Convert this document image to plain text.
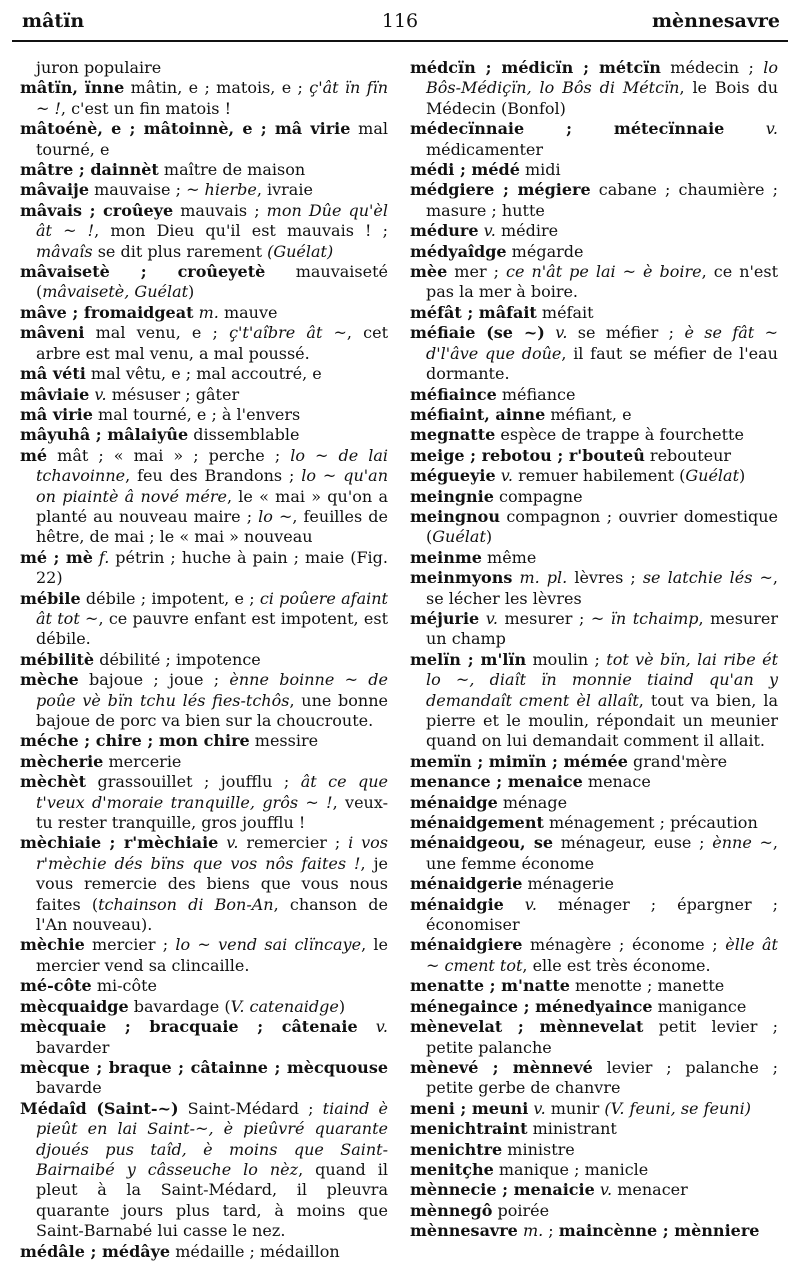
mâtïn	116	mènnesavre

juron populaire

mâtïn, ïnne mâtin, e ; matois, e ; ç'ât ïn fïn ~ !, c'est un fin matois !

mâtoénè, e ; mâtoinnè, e ; mâ virie mal tourné, e

mâtre ; dainnèt maître de maison

mâvaije mauvaise ; ~ hierbe, ivraie

mâvais ; croûeye mauvais ; mon Dûe qu'èl ât ~ !, mon Dieu qu'il est mauvais ! ; mâvaîs se dit plus rarement (Guélat)

mâvaisetè ; croûeyetè mauvaiseté (mâvaisetè, Guélat)

mâve ; fromaidgeat m. mauve

mâveni mal venu, e ; ç't'aîbre ât ~, cet arbre est mal venu, a mal poussé.

mâ véti mal vêtu, e ; mal accoutré, e

mâviaie v. mésuser ; gâter

mâ virie mal tourné, e ; à l'envers

mâyuhâ ; mâlaiyûe dissemblable

mé mât ; « mai » ; perche ; lo ~ de lai tchavoinne, feu des Brandons ; lo ~ qu'an on piaintè â nové mére, le « mai » qu'on a planté au nouveau maire ; lo ~, feuilles de hêtre, de mai ; le « mai » nouveau

mé ; mè f. pétrin ; huche à pain ; maie (Fig. 22)

mébile débile ; impotent, e ; ci poûere afaint ât tot ~, ce pauvre enfant est impotent, est débile.

mébilitè débilité ; impotence

mèche bajoue ; joue ; ènne boinne ~ de poûe vè bïn tchu lés fies-tchôs, une bonne bajoue de porc va bien sur la choucroute.

méche ; chire ; mon chire messire

mècherie mercerie

mèchèt grassouillet ; joufflu ; ât ce que t'veux d'moraie tranquille, grôs ~ !, veux-tu rester tranquille, gros joufflu !

mèchiaie ; r'mèchiaie v. remercier ; i vos r'mèchie dés bïns que vos nôs faites !, je vous remercie des biens que vous nous faites (tchainson di Bon-An, chanson de l'An nouveau).

mèchie mercier ; lo ~ vend sai clïncaye, le mercier vend sa clincaille.

mé-côte mi-côte

mècquaidge bavardage (V. catenaidge)

mècquaie ; bracquaie ; câtenaie v. bavarder

mècque ; braque ; câtainne ; mècquouse bavarde

Médaîd (Saint-~) Saint-Médard ; tiaind è pieût en lai Saint-~, è pieûvré quarante djoués pus taîd, è moins que Saint-Bairnaibé y câsseuche lo nèz, quand il pleut à la Saint-Médard, il pleuvra quarante jours plus tard, à moins que Saint-Barnabé lui casse le nez.

médâle ; médâye médaille ; médaillon

médcïn ; médicïn ; métcïn médecin ; lo Bôs-Médiçïn, lo Bôs di Métcïn, le Bois du Médecin (Bonfol)

médecïnnaie ; métecïnnaie	v. médicamenter

médi ; médé midi

médgiere ; mégiere cabane ; chaumière ; masure ; hutte

médure v. médire

médyaîdge mégarde

mèe mer ; ce n'ât pe lai ~ è boire, ce n'est pas la mer à boire.

méfât ; mâfait méfait

méfiaie (se ~) v. se méfier ; è se fât ~ d'l'âve que doûe, il faut se méfier de l'eau dormante.

méfiaince méfiance

méfiaint, ainne méfiant, e

megnatte espèce de trappe à fourchette

meige ; rebotou ; r'bouteû rebouteur

mégueyie v. remuer habilement (Guélat)

meingnie compagne

meingnou compagnon ; ouvrier domestique (Guélat)

meinme même

meinmyons m. pl. lèvres ; se latchie lés ~, se lécher les lèvres

méjurie v. mesurer ; ~ ïn tchaimp, mesurer un champ

melïn ; m'lïn moulin ; tot vè bïn, lai ribe ét lo ~, diaît ïn monnie tiaind qu'an y demandaît cment èl allaît, tout va bien, la pierre et le moulin, répondait un meunier quand on lui demandait comment il allait.

memïn ; mimïn ; mémée grand'mère

menance ; menaice menace

ménaidge ménage

ménaidgement ménagement ; précaution

ménaidgeou, se ménageur, euse ; ènne ~, une femme économe

ménaidgerie ménagerie

ménaidgie v. ménager ; épargner ; économiser

ménaidgiere ménagère ; économe ; èlle ât ~ cment tot, elle est très économe.

menatte ; m'natte menotte ; manette

ménegaince ; ménedyaince manigance

mènevelat ; mènnevelat petit levier ; petite palanche

mènevé ; mènnevé levier ; palanche ; petite gerbe de chanvre

meni ; meuni v. munir (V. feuni, se feuni)

menichtraint ministrant

menichtre ministre

menitçhe manique ; manicle

mènnecie ; menaicie v. menacer

mènnegô poirée

mènnesavre m. ; maincènne ; mènniere
